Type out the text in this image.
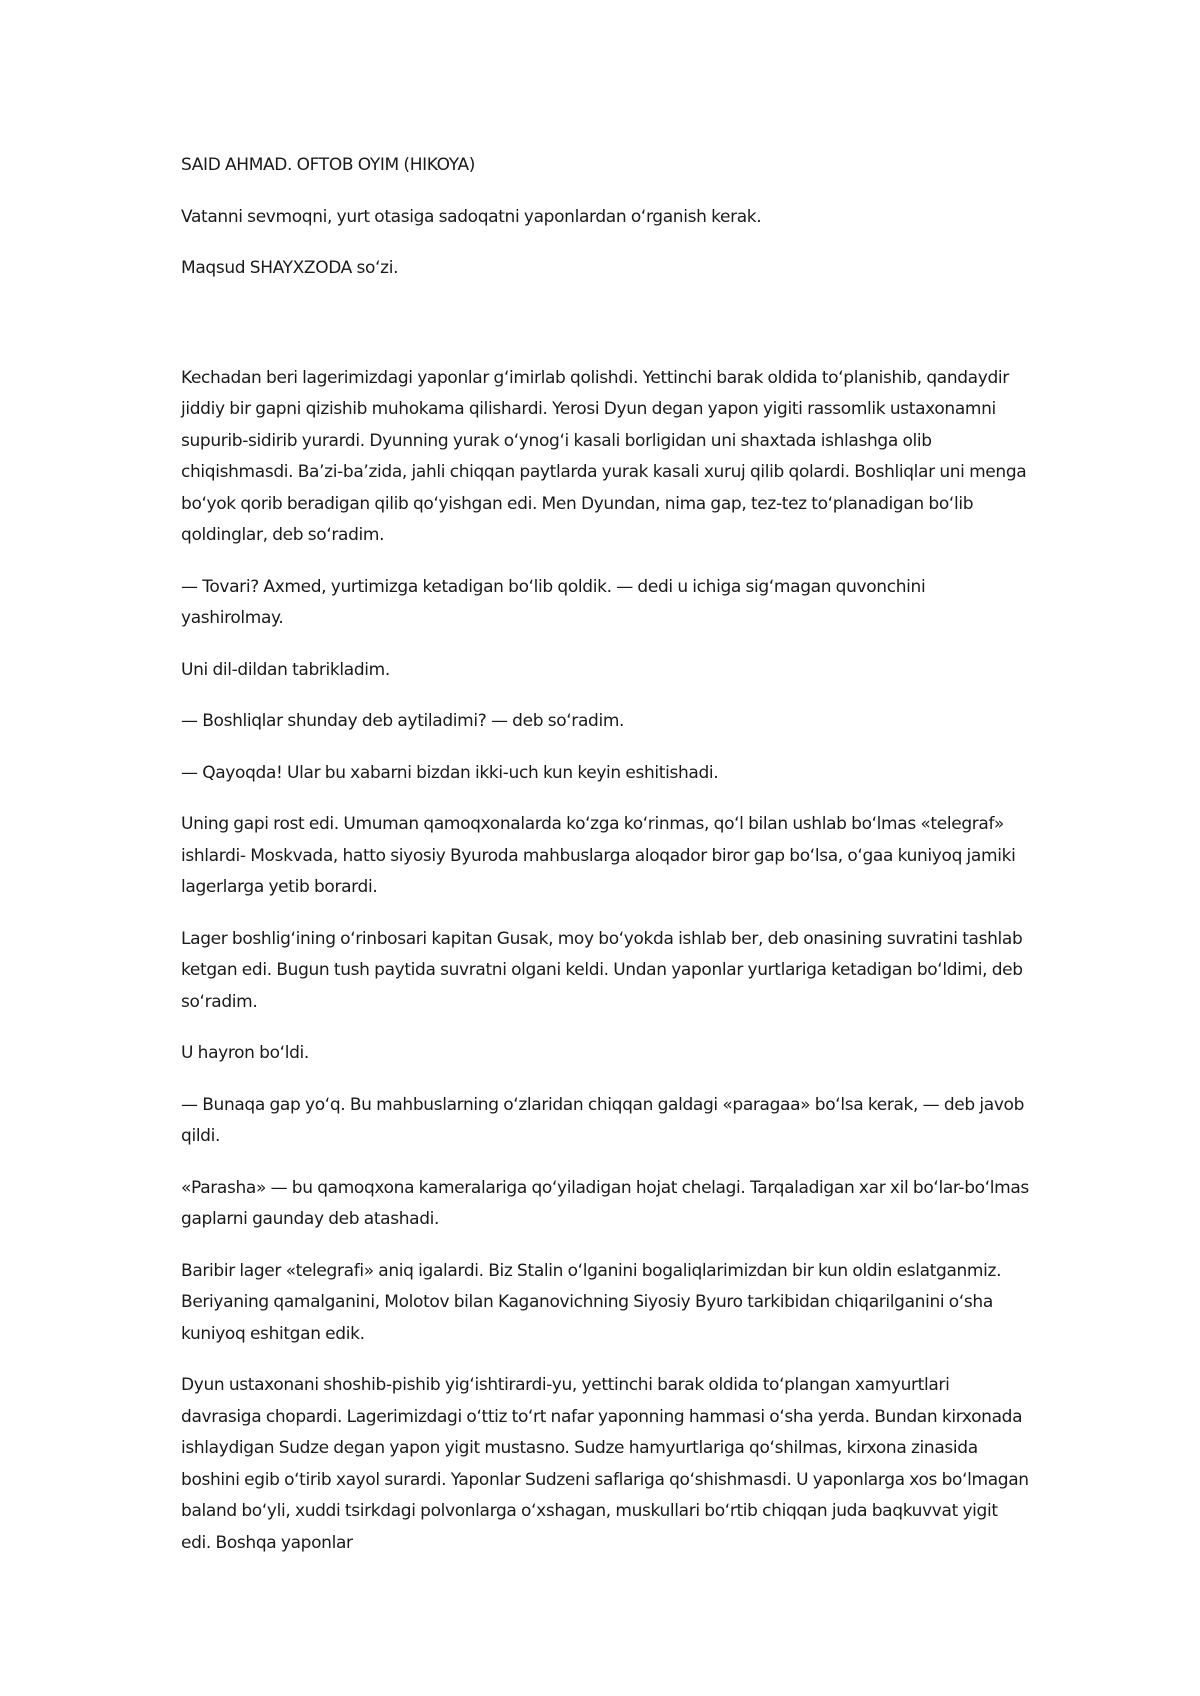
SAID AHMAD. OFTOB OYIM (HIKOYA)

Vatanni sevmoqni, yurt otasiga sadoqatni yaponlardan o‘rganish kerak.

Maqsud SHAYXZODA so‘zi.

Kechadan beri lagerimizdagi yaponlar g‘imirlab qolishdi. Yettinchi barak oldida to‘planishib, qandaydir jiddiy bir gapni qizishib muhokama qilishardi. Yerosi Dyun degan yapon yigiti rassomlik ustaxonamni supurib-sidirib yurardi. Dyunning yurak o‘ynog‘i kasali borligidan uni shaxtada ishlashga olib chiqishmasdi. Ba’zi-ba’zida, jahli chiqqan paytlarda yurak kasali xuruj qilib qolardi. Boshliqlar uni menga bo‘yok qorib beradigan qilib qo‘yishgan edi. Men Dyundan, nima gap, tez-tez to‘planadigan bo‘lib qoldinglar, deb so‘radim.

— Tovari? Axmed, yurtimizga ketadigan bo‘lib qoldik. — dedi u ichiga sig‘magan quvonchini yashirolmay.

Uni dil-dildan tabrikladim.

— Boshliqlar shunday deb aytiladimi? — deb so‘radim.

— Qayoqda! Ular bu xabarni bizdan ikki-uch kun keyin eshitishadi.

Uning gapi rost edi. Umuman qamoqxonalarda ko‘zga ko‘rinmas, qo‘l bilan ushlab bo‘lmas «telegraf» ishlardi- Moskvada, hatto siyosiy Byuroda mahbuslarga aloqador biror gap bo‘lsa, o‘gaa kuniyoq jamiki lagerlarga yetib borardi.

Lager boshlig‘ining o‘rinbosari kapitan Gusak, moy bo‘yokda ishlab ber, deb onasining suvratini tashlab ketgan edi. Bugun tush paytida suvratni olgani keldi. Undan yaponlar yurtlariga ketadigan bo‘ldimi, deb so‘radim.

U hayron bo‘ldi.

— Bunaqa gap yo‘q. Bu mahbuslarning o‘zlaridan chiqqan galdagi «paragaa» bo‘lsa kerak, — deb javob qildi.

«Parasha» — bu qamoqxona kameralariga qo‘yiladigan hojat chelagi. Tarqaladigan xar xil bo‘lar-bo‘lmas gaplarni gaunday deb atashadi.

Baribir lager «telegrafi» aniq igalardi. Biz Stalin o‘lganini bogaliqlarimizdan bir kun oldin eslatganmiz. Beriyaning qamalganini, Molotov bilan Kaganovichning Siyosiy Byuro tarkibidan chiqarilganini o‘sha kuniyoq eshitgan edik.

Dyun ustaxonani shoshib-pishib yig‘ishtirardi-yu, yettinchi barak oldida to‘plangan xamyurtlari davrasiga chopardi. Lagerimizdagi o‘ttiz to‘rt nafar yaponning hammasi o‘sha yerda. Bundan kirxonada ishlaydigan Sudze degan yapon yigit mustasno. Sudze hamyurtlariga qo‘shilmas, kirxona zinasida boshini egib o‘tirib xayol surardi. Yaponlar Sudzeni saflariga qo‘shishmasdi. U yaponlarga xos bo‘lmagan baland bo‘yli, xuddi tsirkdagi polvonlarga o‘xshagan, muskullari bo‘rtib chiqqan juda baqkuvvat yigit edi. Boshqa yaponlar
